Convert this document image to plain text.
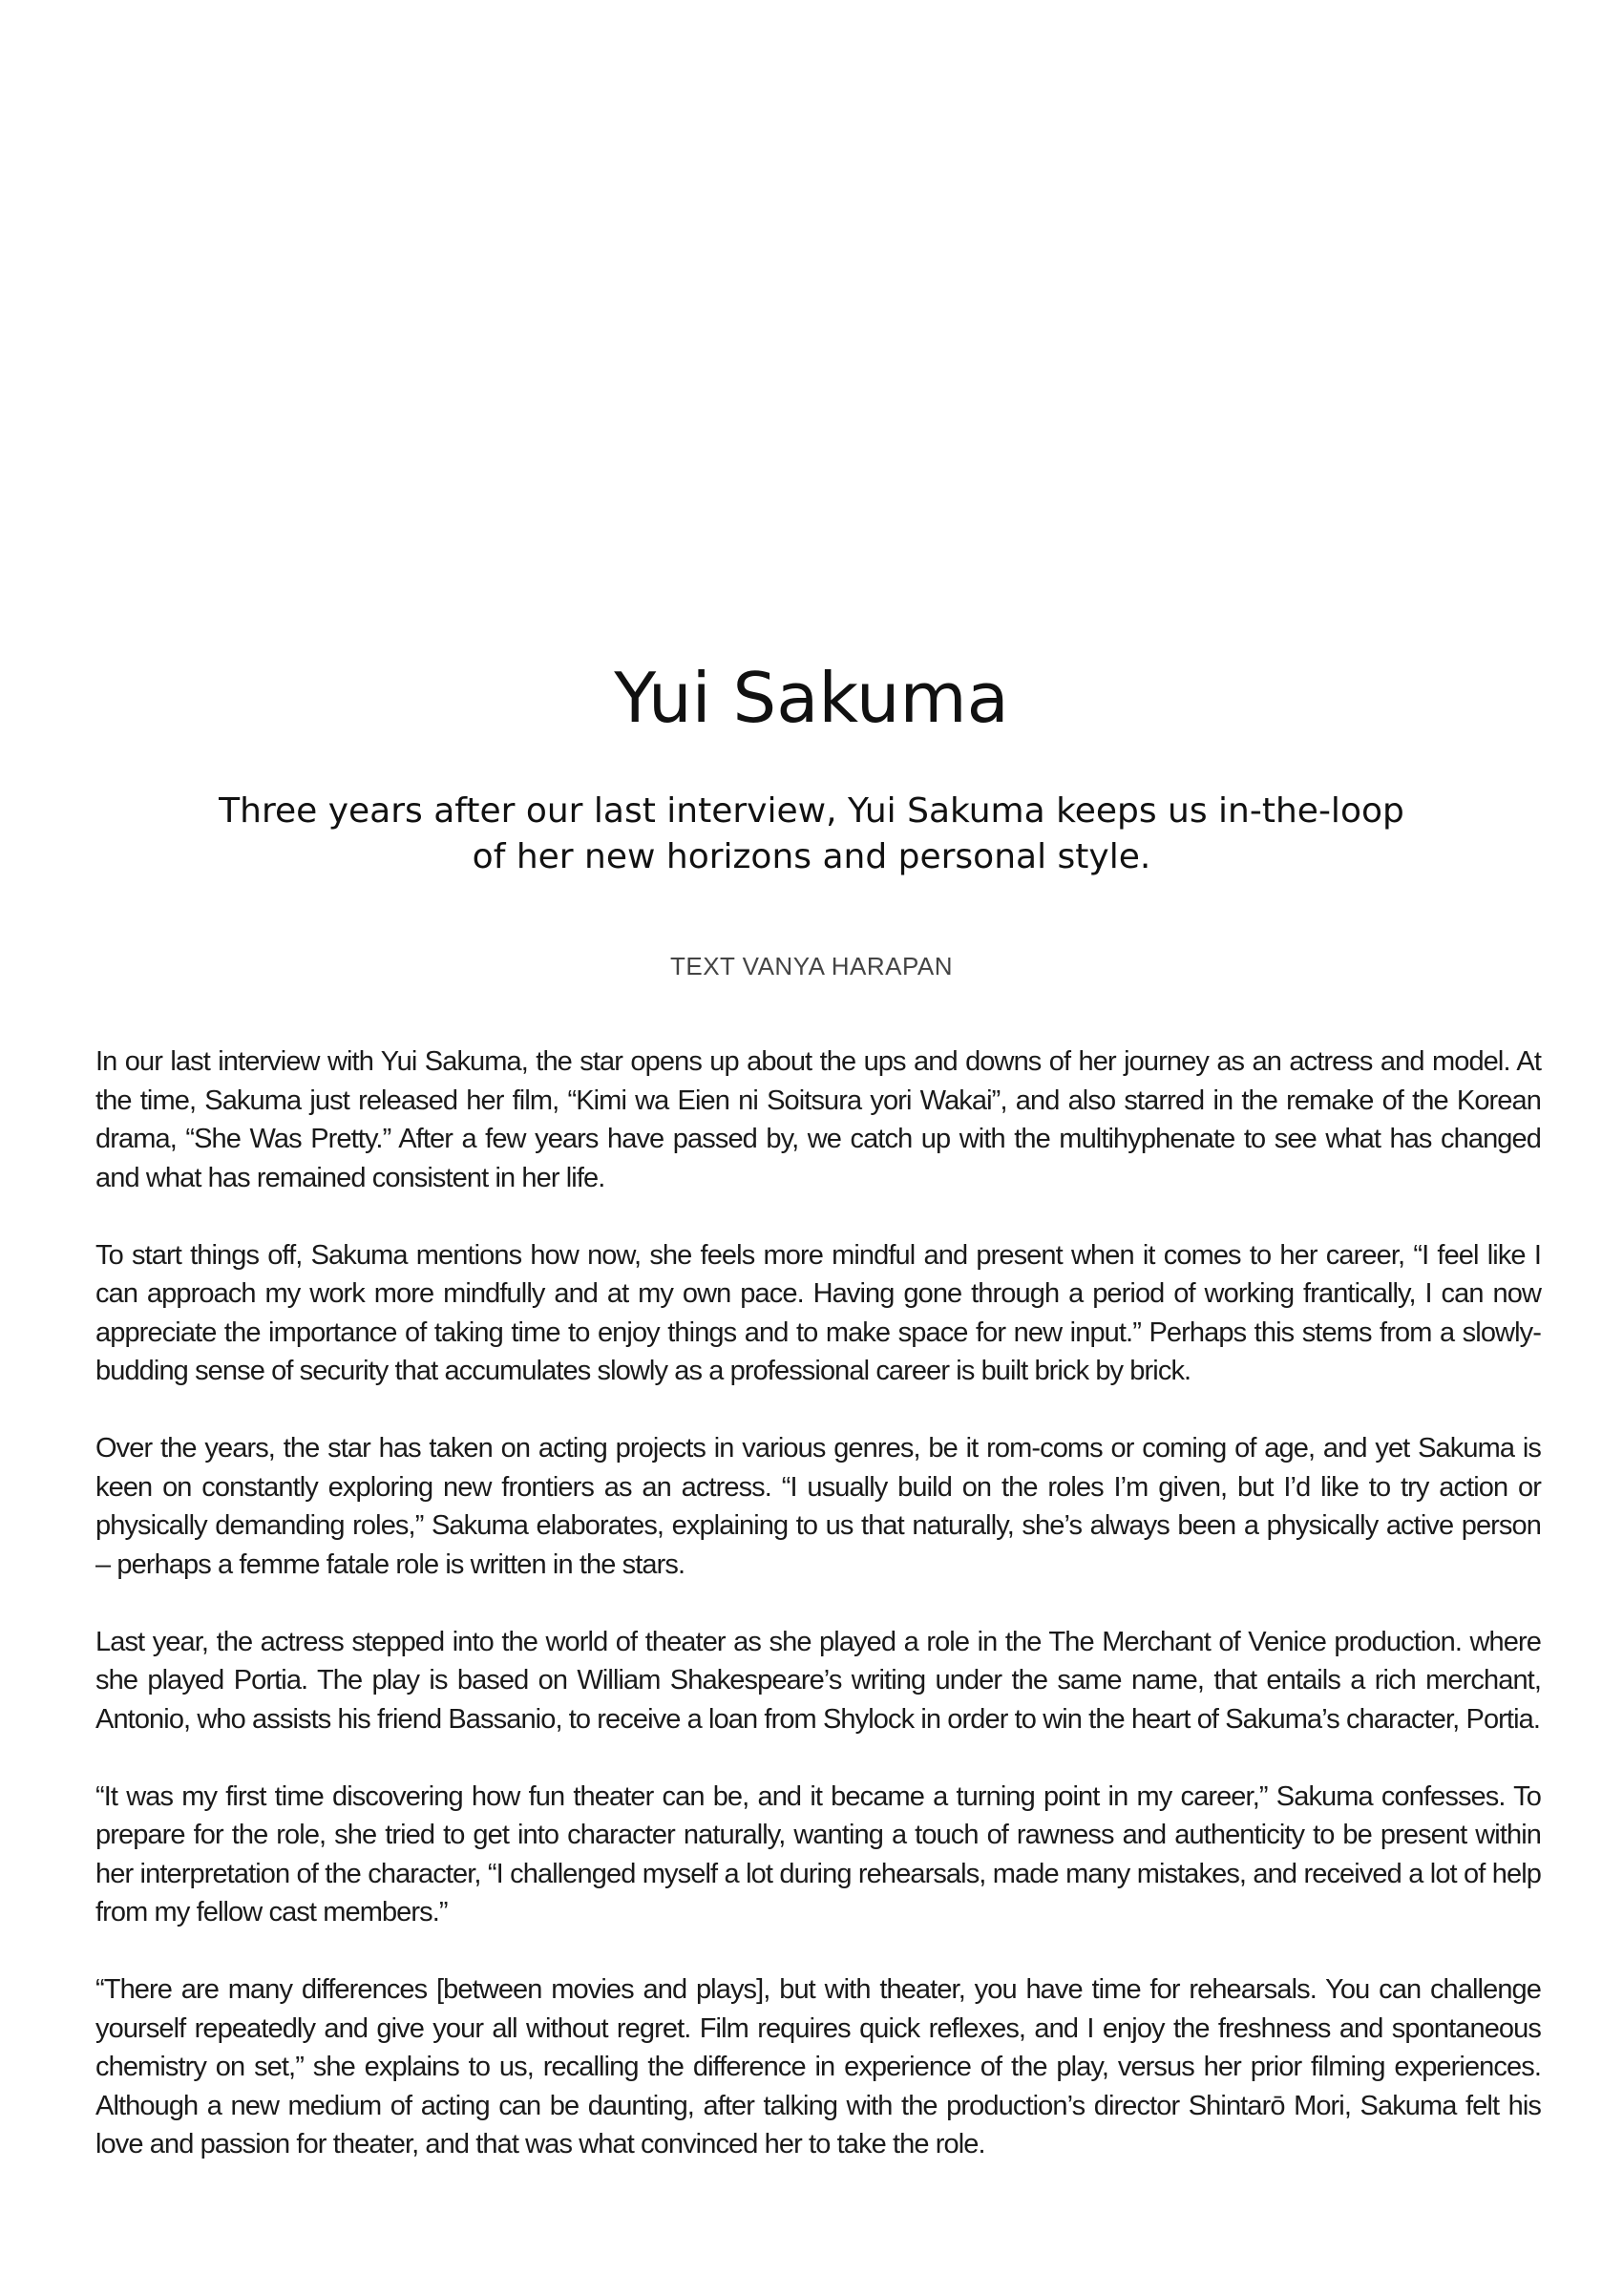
Yui Sakuma
Three years after our last interview, Yui Sakuma keeps us in-the-loop
of her new horizons and personal style.
TEXT VANYA HARAPAN

In our last interview with Yui Sakuma, the star opens up about the ups and downs of her journey as an actress and model. At the time, Sakuma just released her film, “Kimi wa Eien ni Soitsura yori Wakai”, and also starred in the remake of the Korean drama, “She Was Pretty.” After a few years have passed by, we catch up with the multihyphenate to see what has changed and what has remained consistent in her life.

To start things off, Sakuma mentions how now, she feels more mindful and present when it comes to her career, “I feel like I can approach my work more mindfully and at my own pace. Having gone through a period of working frantically, I can now appreciate the importance of taking time to enjoy things and to make space for new input.” Perhaps this stems from a slowly-budding sense of security that accumulates slowly as a professional career is built brick by brick.

Over the years, the star has taken on acting projects in various genres, be it rom-coms or coming of age, and yet Sakuma is keen on constantly exploring new frontiers as an actress. “I usually build on the roles I’m given, but I’d like to try action or physically demanding roles,” Sakuma elaborates, explaining to us that naturally, she’s always been a physically active person – perhaps a femme fatale role is written in the stars.

Last year, the actress stepped into the world of theater as she played a role in the The Merchant of Venice production. where she played Portia. The play is based on William Shakespeare’s writing under the same name, that entails a rich merchant, Antonio, who assists his friend Bassanio, to receive a loan from Shylock in order to win the heart of Sakuma’s character, Portia.

“It was my first time discovering how fun theater can be, and it became a turning point in my career,” Sakuma confesses. To prepare for the role, she tried to get into character naturally, wanting a touch of rawness and authenticity to be present within her interpretation of the character, “I challenged myself a lot during rehearsals, made many mistakes, and received a lot of help from my fellow cast members.”

“There are many differences [between movies and plays], but with theater, you have time for rehearsals. You can challenge yourself repeatedly and give your all without regret. Film requires quick reflexes, and I enjoy the freshness and spontaneous chemistry on set,” she explains to us, recalling the difference in experience of the play, versus her prior filming experiences. Although a new medium of acting can be daunting, after talking with the production’s director Shintarō Mori, Sakuma felt his love and passion for theater, and that was what convinced her to take the role.
